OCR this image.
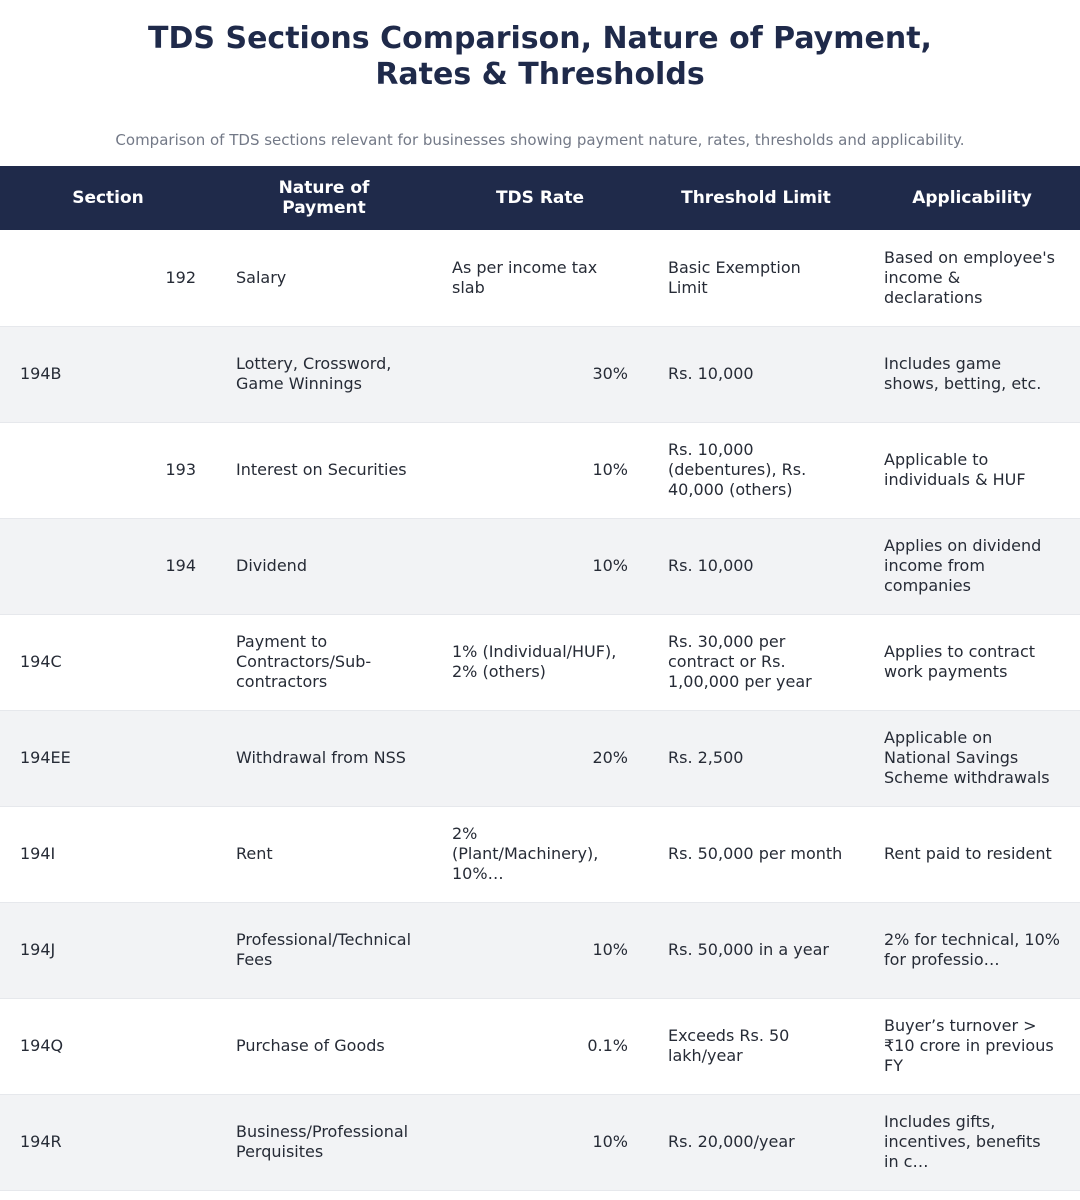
TDS Sections Comparison, Nature of Payment,
Rates & Thresholds

Comparison of TDS sections relevant for businesses showing payment nature, rates, thresholds and applicability.

Section	Nature of Payment	TDS Rate	Threshold Limit	Applicability
192	Salary	As per income tax slab	Basic Exemption Limit	Based on employee's income & declarations
194B	Lottery, Crossword, Game Winnings	30%	Rs. 10,000	Includes game shows, betting, etc.
193	Interest on Securities	10%	Rs. 10,000 (debentures), Rs. 40,000 (others)	Applicable to individuals & HUF
194	Dividend	10%	Rs. 10,000	Applies on dividend income from companies
194C	Payment to Contractors/Sub-contractors	1% (Individual/HUF), 2% (others)	Rs. 30,000 per contract or Rs. 1,00,000 per year	Applies to contract work payments
194EE	Withdrawal from NSS	20%	Rs. 2,500	Applicable on National Savings Scheme withdrawals
194I	Rent	2% (Plant/Machinery), 10%…	Rs. 50,000 per month	Rent paid to resident
194J	Professional/Technical Fees	10%	Rs. 50,000 in a year	2% for technical, 10% for professio…
194Q	Purchase of Goods	0.1%	Exceeds Rs. 50 lakh/year	Buyer’s turnover > ₹10 crore in previous FY
194R	Business/Professional Perquisites	10%	Rs. 20,000/year	Includes gifts, incentives, benefits in c…
